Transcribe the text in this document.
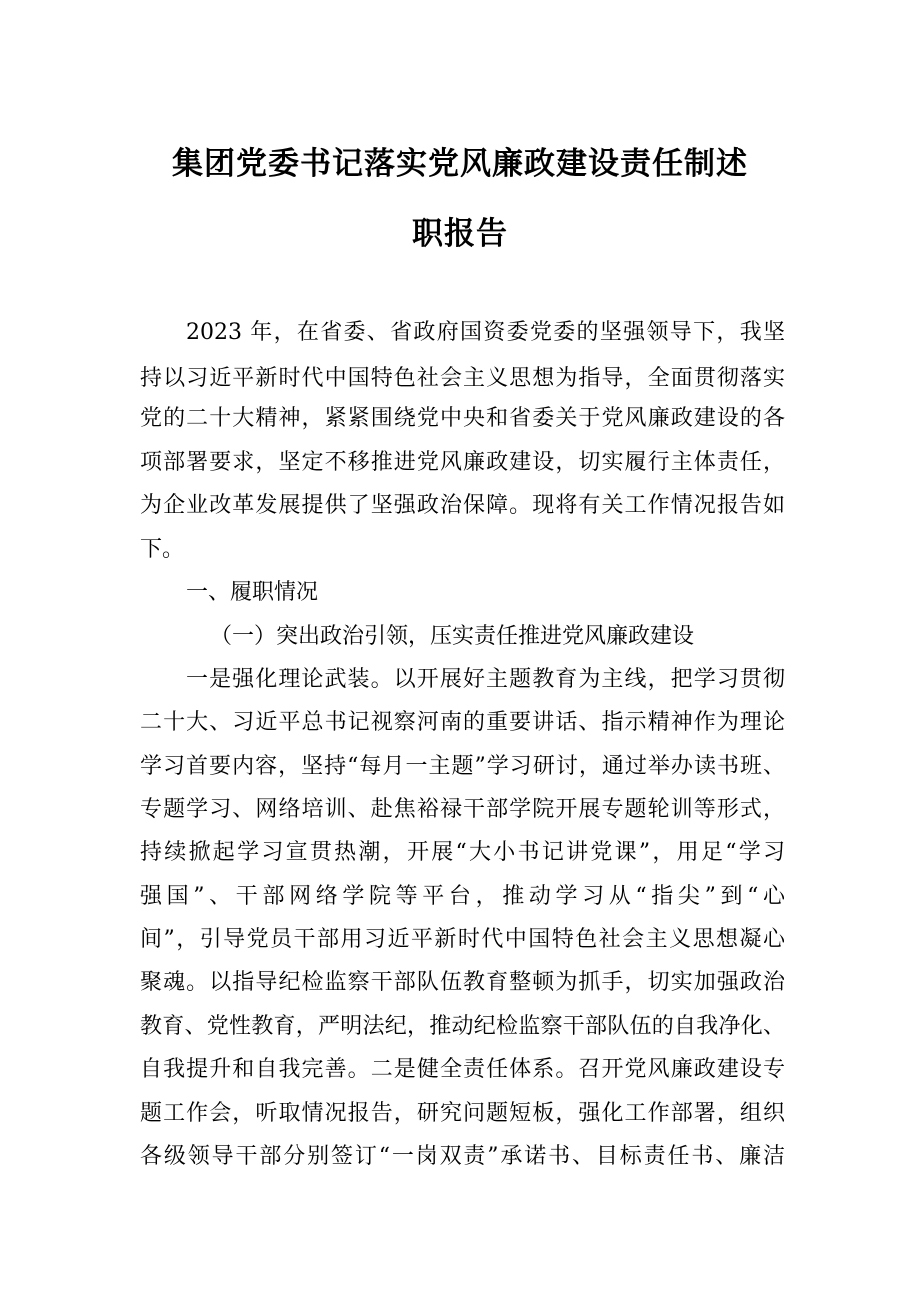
集团党委书记落实党风廉政建设责任制述
职报告
2023 年，在省委、省政府国资委党委的坚强领导下，我坚
持以习近平新时代中国特色社会主义思想为指导，全面贯彻落实
党的二十大精神，紧紧围绕党中央和省委关于党风廉政建设的各
项部署要求，坚定不移推进党风廉政建设，切实履行主体责任，
为企业改革发展提供了坚强政治保障。现将有关工作情况报告如
下。
一、履职情况
（一）突出政治引领，压实责任推进党风廉政建设
一是强化理论武装。以开展好主题教育为主线，把学习贯彻
二十大、习近平总书记视察河南的重要讲话、指示精神作为理论
学习首要内容，坚持“每月一主题”学习研讨，通过举办读书班、
专题学习、网络培训、赴焦裕禄干部学院开展专题轮训等形式，
持续掀起学习宣贯热潮，开展“大小书记讲党课”，用足“学习
强国”、干部网络学院等平台，推动学习从“指尖”到“心
间”，引导党员干部用习近平新时代中国特色社会主义思想凝心
聚魂。以指导纪检监察干部队伍教育整顿为抓手，切实加强政治
教育、党性教育，严明法纪，推动纪检监察干部队伍的自我净化、
自我提升和自我完善。二是健全责任体系。召开党风廉政建设专
题工作会，听取情况报告，研究问题短板，强化工作部署，组织
各级领导干部分别签订“一岗双责”承诺书、目标责任书、廉洁
